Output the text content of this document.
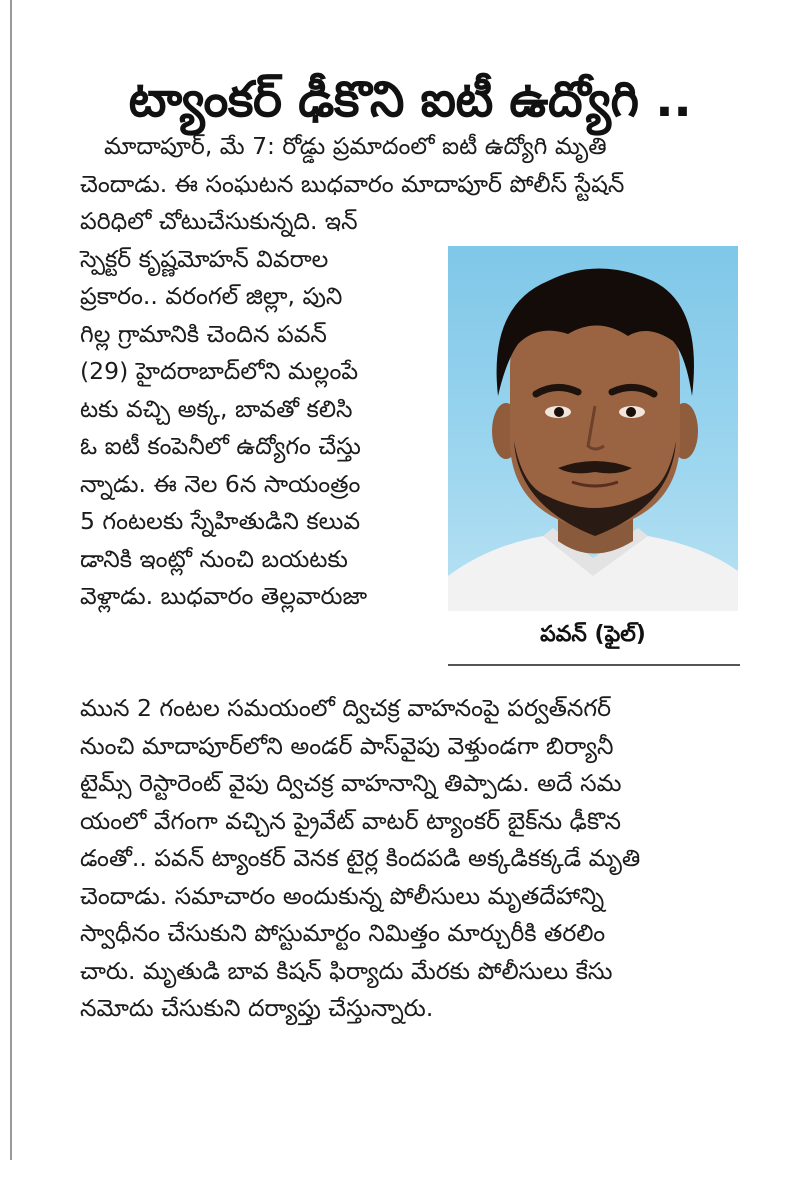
ట్యాంకర్ ఢీకొని ఐటీ ఉద్యోగి ..
మాదాపూర్, మే 7: రోడ్డు ప్రమాదంలో ఐటీ ఉద్యోగి మృతి
చెందాడు. ఈ సంఘటన బుధవారం మాదాపూర్ పోలీస్ స్టేషన్
పరిధిలో చోటుచేసుకున్నది. ఇన్
స్పెక్టర్ కృష్ణమోహన్ వివరాల
ప్రకారం.. వరంగల్ జిల్లా, పుని
గిల్ల గ్రామానికి చెందిన పవన్
(29) హైదరాబాద్‌లోని మల్లంపే
టకు వచ్చి అక్క, బావతో కలిసి
ఓ ఐటీ కంపెనీలో ఉద్యోగం చేస్తు
న్నాడు. ఈ నెల 6న సాయంత్రం
5 గంటలకు స్నేహితుడిని కలువ
డానికి ఇంట్లో నుంచి బయటకు
వెళ్లాడు. బుధవారం తెల్లవారుజా
పవన్ (ఫైల్)
మున 2 గంటల సమయంలో ద్విచక్ర వాహనంపై పర్వత్‌నగర్
నుంచి మాదాపూర్‌లోని అండర్ పాస్‌వైపు వెళ్తుండగా బిర్యానీ
టైమ్స్ రెస్టారెంట్ వైపు ద్విచక్ర వాహనాన్ని తిప్పాడు. అదే సమ
యంలో వేగంగా వచ్చిన ప్రైవేట్ వాటర్ ట్యాంకర్ బైక్‌ను ఢీకొన
డంతో.. పవన్ ట్యాంకర్ వెనక టైర్ల కిందపడి అక్కడికక్కడే మృతి
చెందాడు. సమాచారం అందుకున్న పోలీసులు మృతదేహాన్ని
స్వాధీనం చేసుకుని పోస్టుమార్టం నిమిత్తం మార్చురీకి తరలిం
చారు. మృతుడి బావ కిషన్ ఫిర్యాదు మేరకు పోలీసులు కేసు
నమోదు చేసుకుని దర్యాప్తు చేస్తున్నారు.
